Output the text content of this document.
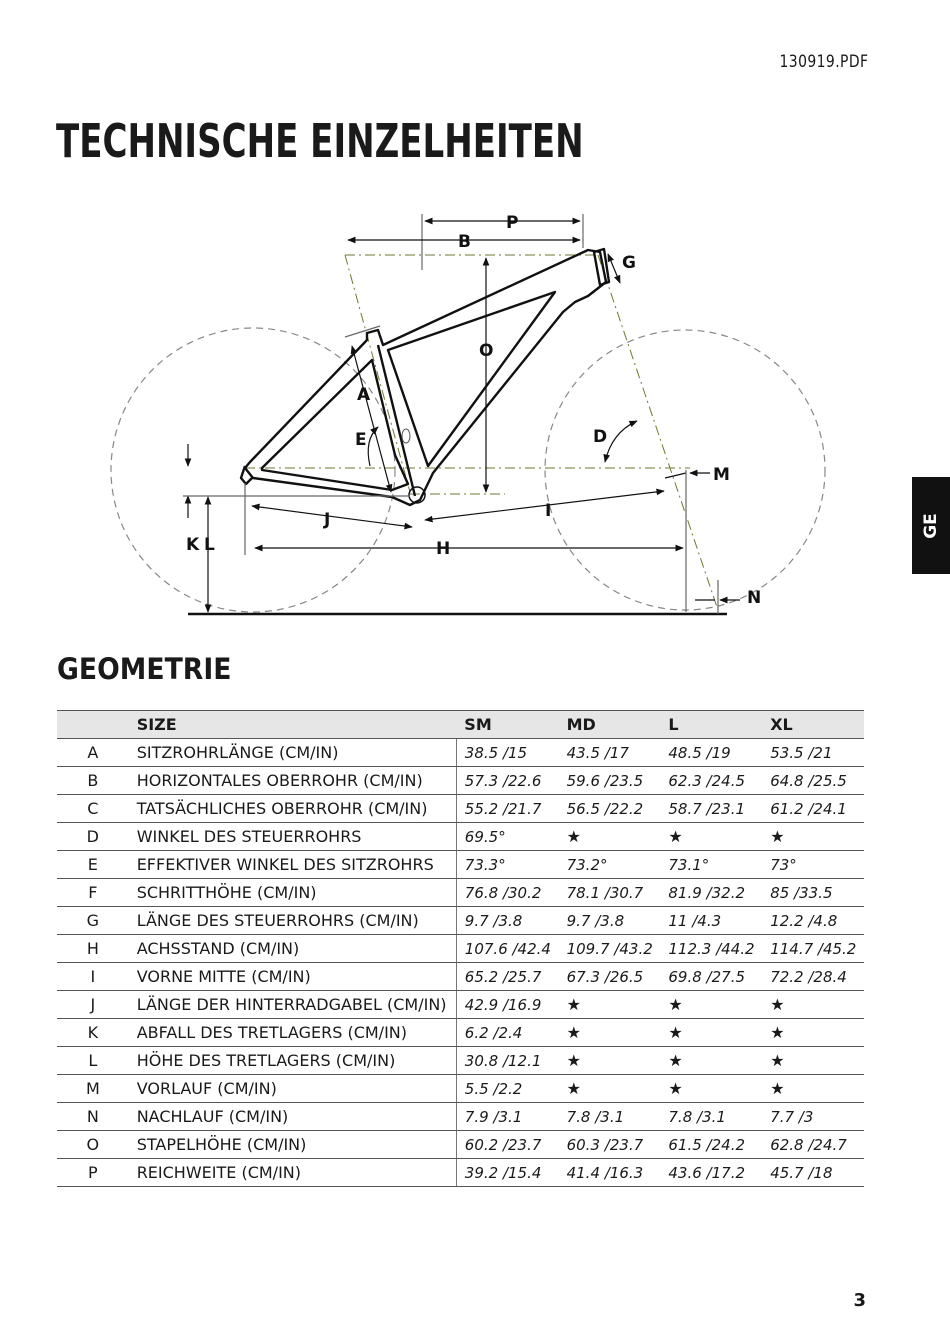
130919.PDF
TECHNISCHE EINZELHEITEN
P
B
G
O
A
E	D
M
I
J
K L	H
N
GE
GEOMETRIE
	SIZE	SM	MD	L	XL
A	SITZROHRLÄNGE (CM/IN)	38.5 /15	43.5 /17	48.5 /19	53.5 /21
B	HORIZONTALES OBERROHR (CM/IN)	57.3 /22.6	59.6 /23.5	62.3 /24.5	64.8 /25.5
C	TATSÄCHLICHES OBERROHR (CM/IN)	55.2 /21.7	56.5 /22.2	58.7 /23.1	61.2 /24.1
D	WINKEL DES STEUERROHRS	69.5°	★	★	★
E	EFFEKTIVER WINKEL DES SITZROHRS	73.3°	73.2°	73.1°	73°
F	SCHRITTHÖHE (CM/IN)	76.8 /30.2	78.1 /30.7	81.9 /32.2	85 /33.5
G	LÄNGE DES STEUERROHRS (CM/IN)	9.7 /3.8	9.7 /3.8	11 /4.3	12.2 /4.8
H	ACHSSTAND (CM/IN)	107.6 /42.4	109.7 /43.2	112.3 /44.2	114.7 /45.2
I	VORNE MITTE (CM/IN)	65.2 /25.7	67.3 /26.5	69.8 /27.5	72.2 /28.4
J	LÄNGE DER HINTERRADGABEL (CM/IN)	42.9 /16.9	★	★	★
K	ABFALL DES TRETLAGERS (CM/IN)	6.2 /2.4	★	★	★
L	HÖHE DES TRETLAGERS (CM/IN)	30.8 /12.1	★	★	★
M	VORLAUF (CM/IN)	5.5 /2.2	★	★	★
N	NACHLAUF (CM/IN)	7.9 /3.1	7.8 /3.1	7.8 /3.1	7.7 /3
O	STAPELHÖHE (CM/IN)	60.2 /23.7	60.3 /23.7	61.5 /24.2	62.8 /24.7
P	REICHWEITE (CM/IN)	39.2 /15.4	41.4 /16.3	43.6 /17.2	45.7 /18
3
